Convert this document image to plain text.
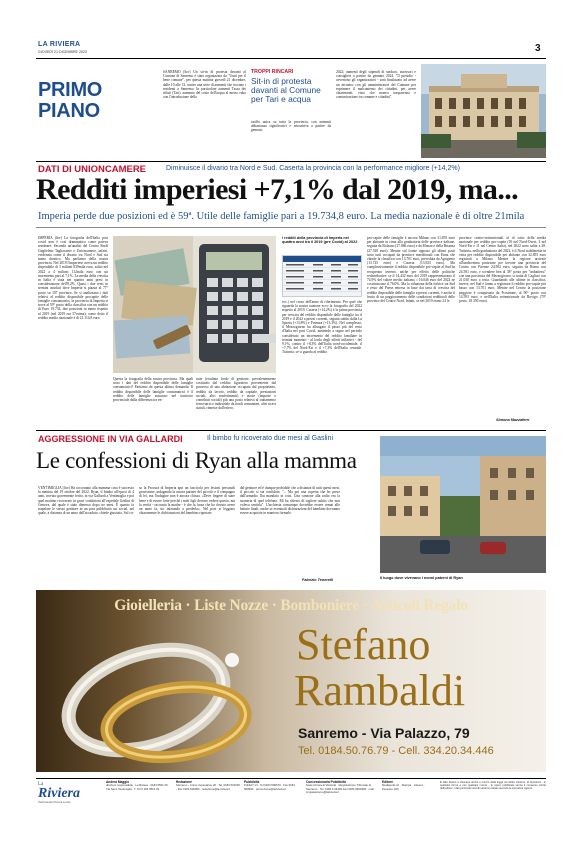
LA RIVIERA
GIOVEDÌ 21 DICEMBRE 2023	3
PRIMO
PIANO
SANREMO (ltcr) Un sit-in di protesta davanti al Comune di Sanremo è stato organizzato da "Uniti per il bene comune", per questa mattina giovedì 21 dicembre, dalle 10 alle 13, contro una serie di aumenti che toccano i residenti a Sanremo. In particolare aumenti Tassa dei rifiuti (Tari), aumento del costo dell'acqua al metro cubo con l'introduzione della
TROPPI RINCARI
Sit-in di protesta davanti al Comune per Tari e acqua
tariffa unica su tutta la provincia, con aumenti abbastanza significativi e retroattiva a partire da gennaio
2022; aumenti degli stipendi di sindaco, assessori e consiglieri a partire da gennaio 2024. "Il presidio - avvertono gli organizzatori - sarà finalizzato ad avere un incontro con gli amministratori del Comune per esprimere il malcontento dei cittadini, per avere chiarimenti, visto che manca trasparenza e comunicazione tra comune e cittadini".
DATI DI UNIONCAMERE	Diminuisce il divario tra Nord e Sud. Caserta la provincia con la performance migliore (+14,2%)
Redditi imperiesi +7,1% dal 2019, ma...
Imperia perde due posizioni ed è 59ª. Utile delle famiglie pari a 19.734,8 euro. La media nazionale è di oltre 21mila
IMPERIA (ltcr) La fotografia dell'Italia post covid non è così drammatica come potevа sembrare. Secondo un'analisi del Centro Studi Guglielmo Tagliacarne e Unioncamere, infatti, evidenzia come il divario tra Nord e Sud sia meno drastico. Ma parliamo della nostra provincia. Nel 2019 l'imperiese aveva un reddito disponibile di 3 milioni 839mila euro, salito nel 2022 a 4 milioni 112mila euro con un incremento pari al 7,1%. La media della crescita in Italia è stata nei quattro anni presi in considerazione dell'8,2%. Quasi i due terzi in termini assoluti dove Imperia si piazza al 77° posto su 107 province. Se si analizzano i dati relativi al reddito disponibile procapite delle famiglie consumatrici, la provincia di Imperia si trova al 59° posto della classifica con un reddito di Euro 19.734, due posizioni in meno rispetto al 2019 (nel 2019 era 57esima); come detto il reddito medio nazionale è di 21.114,8 euro.
Questa la fotografia della nostra provincia. Ma quali sono i dati del reddito disponibile delle famiglie consumatrici? Partiamo da questa ultima domanda. Il reddito disponibile delle famiglie consumatrici è il reddito delle famiglie misurato nel territorio provinciale dalla differenza tra en-
trate (risultato lordo di gestione, prevalentemente costituito dal reddito figurativo proveniente dal possesso di una abitazione occupata dal proprietario, reddito da lavoro, reddito da capitale, prestazioni sociali, altri trasferimenti) e uscite (imposte e contributi sociali) più una posta relativa al trattamento ferroviario e industriale da fondi comunitari, altri ricavi statali, rimesse dall'estero,
I redditi della provincia di Imperia nei quattro anni tra il 2019 (pre Covid) al 2022
ecc.) nel corso dell'anno di riferimento. Per quel che riguarda la nostra nazione ecco la fotografia del 2022 rispetto al 2019. Caserta (+14,2%) è la prima provincia per crescita del reddito disponibile delle famiglie tra il 2019 e il 2022 a prezzi correnti, seguita subito dalla La Spezia (+13,8%) e Potenza (+13,3%). Nel complesso, il Mezzogiorno ha allungato il passo più del resto d'Italia nel post Covid, mettendo a segno nel periodo considerato un incremento del reddito familiare in termini monetari - al lordo degli effetti inflattivi - del 9,1%, contro il +8,3% dell'Italia nord-occidentale, il +7,7% del Nord-Est e il +7,3% dell'Italia centrale. Tuttavia, se si guarda al reddito
pro-capite delle famiglie è ancora Milano con 31.855 euro per abitante in cima alla graduatoria delle province italiane, seguita da Bolzano (27.866 euro) e da Monza e della Brianza (27.520 euro). Mentre sul fronte opposto gli ultimi posti sono tutti occupati da province meridionali con Enna che chiude la classifica con 13.701 euro, preceduta da Agrigento (13.725 euro) e Caserta (13.923 euro). Ma complessivamente il reddito disponibile pro-capite al Sud ha recuperato terreno, anche per effetto delle politiche redistributive: se il 14.432 euro del 2019 rappresentavano il 74,9% del valore medio italiano, i 16.046 euro del 2022 ne costituiscono il 76,0%. Ma la riduzione della forbice tra Sud e resto del Paese emersa in base dai tassi di crescita del reddito disponibile delle famiglie a prezzi correnti, è anche il frutto di un peggioramento delle condizioni reddituali delle province del Centro Nord. Infatti, se nel 2019 erano 23 le
province centro-settentrionali al di sotto della media nazionale per reddito pro-capite (10 nel Nord-Ovest, 2 nel Nord-Est e 11 nel Centro Italia), nel 2022 sono salite a 28. Tuttavia, nella graduatoria del 2022, è il Nord stabilmente in vetta per reddito disponibile per abitante con 32.855 euro registrati a Milano. Mentre la regione arrivare all'undicesima posizione per trovare una provincia del Centro con Firenze 24.582 euro, seguita da Roma con 24.581 euro, e scendere ben al 38° posto per "imbattersi" con una provincia del Mezzogiorno, si tratta di Cagliari con 21.030 euro a testa. Guardando alle ultime in classifica, invece, nel Sud è fanno a registrare il reddito pro-capite più basso con 13.701 euro. Mentre nel Centro la posizione peggiore è conquistata da Frosinone, al 90° posto con 14.593 euro, e nell'Italia settentrionale da Rovigo (70° posto, 18.350 euro).
Simona Mazzaferri
AGGRESSIONE IN VIA GALLARDI	Il bimbo fu ricoverato due mesi al Gaslini
Le confessioni di Ryan alla mamma
VENTIMIGLIA (ltcr) Ha raccontato alla mamma cosa è successo la mattina del 19 ottobre del 2022, Ryan, il bimbo all'epoca di 4 anni, trovato gravemente ferito, in via Gallardi a Ventimiglia e poi quel mattino ricoverato in gravi condizioni all'ospedale Gaslini di Genova, dal quale è stato dimesso dopo tre mesi. È quanto fa trapelare lo stesso genitore in un post pubblicato sui social, nel quale, a distanza di un anno dall'accaduto, chiede giustizia. Sul ca-
so la Procura di Imperia apri un fascicolo per lesioni personali gravissime, indagando la nuova partner del piccolo e il compagno di lei, ma l'indagine non è ancora chiusa. «Deve fingere di stare bene e di essere forte perché i miei figli devono vedere questo, ma la verità - racconta la madre - è che la forza che ho dovuto avere un anno fa, sto iniziando a perderla». Nel post si leggono chiaramente le dichiarazioni del bambino riportate
dal genitore ed è dunque probabile che a distanza di tutti questi mesi, il piccolo si sia confidato. "... Ma poi una coperta che ho preso dall'armadio l'ha mandato in crisi. Una canzone alla radio era la suoneria di quel telefono. Mi ha chiesto di togliere subito che non voleva sentirla". L'inchiesta comunque dovrebbe essere ormai alle battute finali, anche se eventuali dichiarazioni del bambino dovranno essere acquisite in maniera formale.
Fabrizio Tenerelli	Il luogo dove vivevano i nonni paterni di Ryan
Gioielleria · Liste Nozze · Bomboniere · Articoli Regalo
Stefano
Rambaldi
Sanremo - Via Palazzo, 79
Tel. 0184.50.76.79 - Cell. 334.20.34.446
La
Riviera
Settimanale Riviera Locali
Andrea Maggio
direttore responsabile · La Riviera - 0184 5501 09 · Via Nervi Ventimiglia - T. Tel 0 184 5501 09
Redazione
Sanremo - Corso Imperatrice 26 · Tel. 0184 501625 - Fax 0184 509990 · redazione@la-riviera.it
Pubblicità
Publisi7 srl · Tel 0184 509670 · Fax 0184 509990 · promozione@larivieria.it
Concessionaria Pubblicità
Sede Azzera di Viazzola · Registrazione Tribunale di Sanremo · Tel. 0184 4 06409 Fax 0184 5604990 · mail: impiasanremo@larivieria.it
Editore
Mediapolis srl · Stampa · Litosud - Pessano (MI)
È fatto divieto a chiunque anche a mezzo della legge sul diritto d'autore, di riprodurre - in qualsiasi forma e con qualsiasi mezzo - le opere pubblicate senza il consenso scritto dell'editore. I dati personali raccolti saranno trattati secondo la normativa vigente.
